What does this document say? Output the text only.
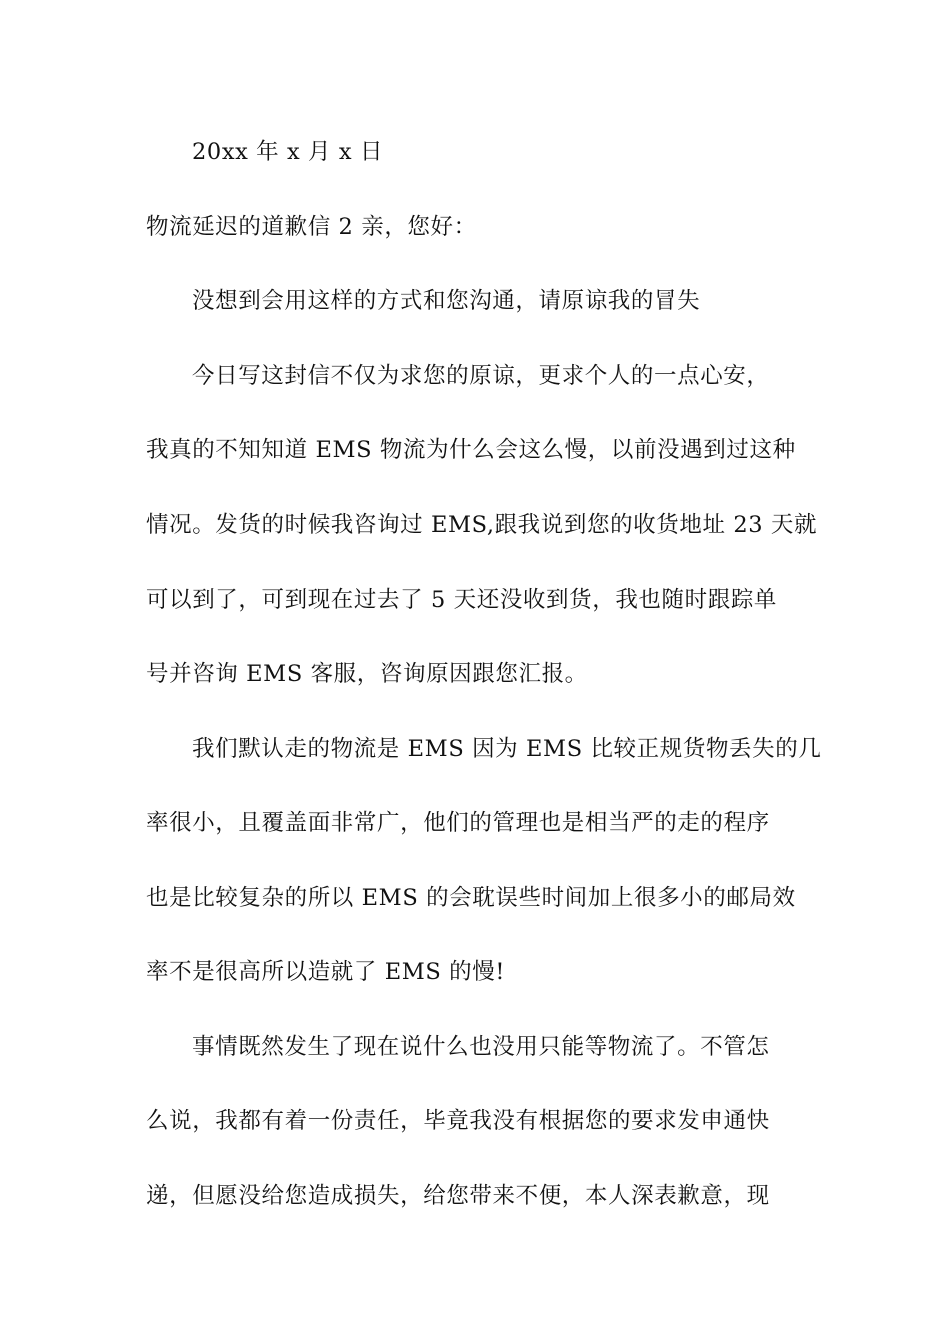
20xx 年 x 月 x 日
物流延迟的道歉信 2 亲，您好：
没想到会用这样的方式和您沟通，请原谅我的冒失
今日写这封信不仅为求您的原谅，更求个人的一点心安，
我真的不知知道 EMS 物流为什么会这么慢，以前没遇到过这种
情况。发货的时候我咨询过 EMS,跟我说到您的收货地址 23 天就
可以到了，可到现在过去了 5 天还没收到货，我也随时跟踪单
号并咨询 EMS 客服，咨询原因跟您汇报。
我们默认走的物流是 EMS 因为 EMS 比较正规货物丢失的几
率很小，且覆盖面非常广，他们的管理也是相当严的走的程序
也是比较复杂的所以 EMS 的会耽误些时间加上很多小的邮局效
率不是很高所以造就了 EMS 的慢!
事情既然发生了现在说什么也没用只能等物流了。不管怎
么说，我都有着一份责任，毕竟我没有根据您的要求发申通快
递，但愿没给您造成损失，给您带来不便，本人深表歉意，现
